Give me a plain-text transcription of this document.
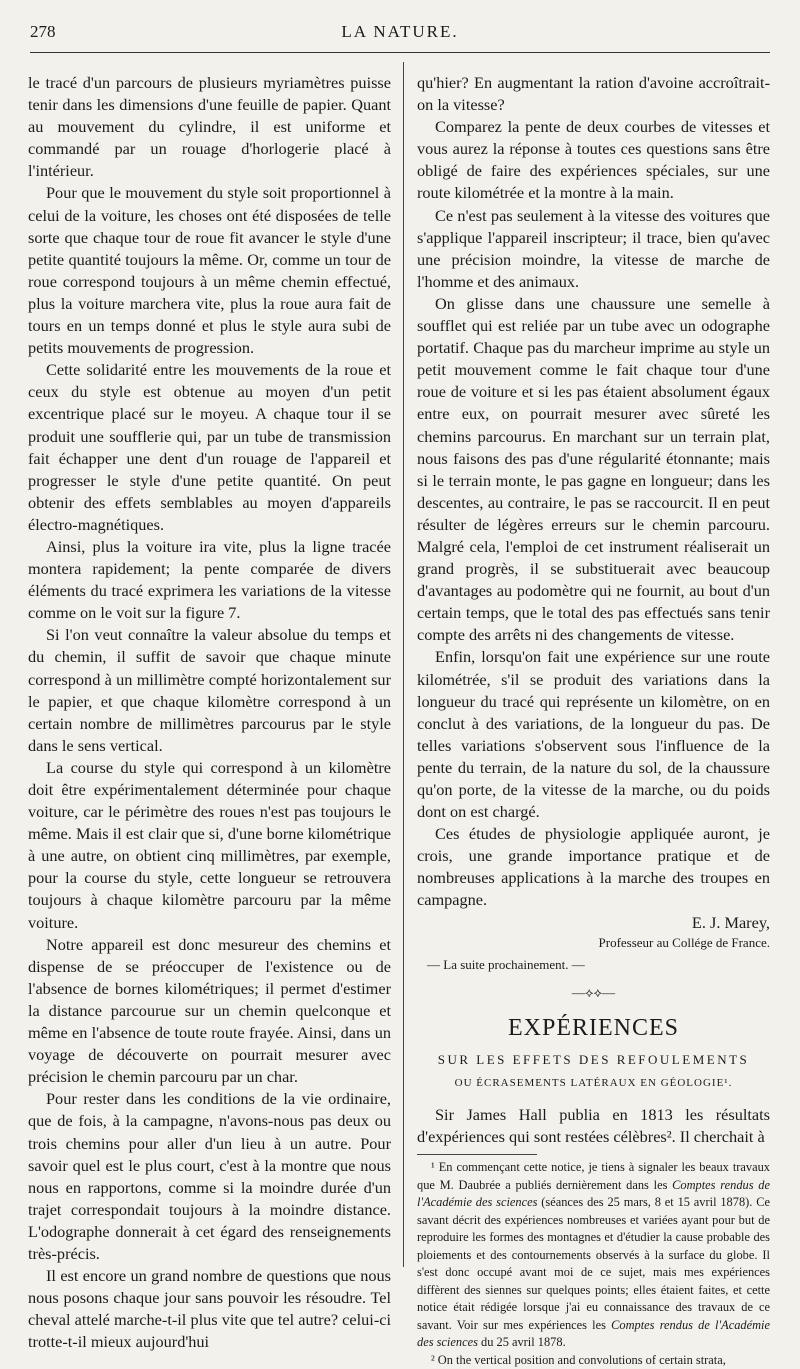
278	LA NATURE.

le tracé d'un parcours de plusieurs myriamètres puisse tenir dans les dimensions d'une feuille de papier. Quant au mouvement du cylindre, il est uniforme et commandé par un rouage d'horlogerie placé à l'intérieur.

Pour que le mouvement du style soit proportionnel à celui de la voiture, les choses ont été disposées de telle sorte que chaque tour de roue fit avancer le style d'une petite quantité toujours la même. Or, comme un tour de roue correspond toujours à un même chemin effectué, plus la voiture marchera vite, plus la roue aura fait de tours en un temps donné et plus le style aura subi de petits mouvements de progression.

Cette solidarité entre les mouvements de la roue et ceux du style est obtenue au moyen d'un petit excentrique placé sur le moyeu. A chaque tour il se produit une soufflerie qui, par un tube de transmission fait échapper une dent d'un rouage de l'appareil et progresser le style d'une petite quantité. On peut obtenir des effets semblables au moyen d'appareils électro-magnétiques.

Ainsi, plus la voiture ira vite, plus la ligne tracée montera rapidement; la pente comparée de divers éléments du tracé exprimera les variations de la vitesse comme on le voit sur la figure 7.

Si l'on veut connaître la valeur absolue du temps et du chemin, il suffit de savoir que chaque minute correspond à un millimètre compté horizontalement sur le papier, et que chaque kilomètre correspond à un certain nombre de millimètres parcourus par le style dans le sens vertical.

La course du style qui correspond à un kilomètre doit être expérimentalement déterminée pour chaque voiture, car le périmètre des roues n'est pas toujours le même. Mais il est clair que si, d'une borne kilométrique à une autre, on obtient cinq millimètres, par exemple, pour la course du style, cette longueur se retrouvera toujours à chaque kilomètre parcouru par la même voiture.

Notre appareil est donc mesureur des chemins et dispense de se préoccuper de l'existence ou de l'absence de bornes kilométriques; il permet d'estimer la distance parcourue sur un chemin quelconque et même en l'absence de toute route frayée. Ainsi, dans un voyage de découverte on pourrait mesurer avec précision le chemin parcouru par un char.

Pour rester dans les conditions de la vie ordinaire, que de fois, à la campagne, n'avons-nous pas deux ou trois chemins pour aller d'un lieu à un autre. Pour savoir quel est le plus court, c'est à la montre que nous nous en rapportons, comme si la moindre durée d'un trajet correspondait toujours à la moindre distance. L'odographe donnerait à cet égard des renseignements très-précis.

Il est encore un grand nombre de questions que nous nous posons chaque jour sans pouvoir les résoudre. Tel cheval attelé marche-t-il plus vite que tel autre? celui-ci trotte-t-il mieux aujourd'hui

qu'hier? En augmentant la ration d'avoine accroîtrait-on la vitesse?

Comparez la pente de deux courbes de vitesses et vous aurez la réponse à toutes ces questions sans être obligé de faire des expériences spéciales, sur une route kilométrée et la montre à la main.

Ce n'est pas seulement à la vitesse des voitures que s'applique l'appareil inscripteur; il trace, bien qu'avec une précision moindre, la vitesse de marche de l'homme et des animaux.

On glisse dans une chaussure une semelle à soufflet qui est reliée par un tube avec un odographe portatif. Chaque pas du marcheur imprime au style un petit mouvement comme le fait chaque tour d'une roue de voiture et si les pas étaient absolument égaux entre eux, on pourrait mesurer avec sûreté les chemins parcourus. En marchant sur un terrain plat, nous faisons des pas d'une régularité étonnante; mais si le terrain monte, le pas gagne en longueur; dans les descentes, au contraire, le pas se raccourcit. Il en peut résulter de légères erreurs sur le chemin parcouru. Malgré cela, l'emploi de cet instrument réaliserait un grand progrès, il se substituerait avec beaucoup d'avantages au podomètre qui ne fournit, au bout d'un certain temps, que le total des pas effectués sans tenir compte des arrêts ni des changements de vitesse.

Enfin, lorsqu'on fait une expérience sur une route kilométrée, s'il se produit des variations dans la longueur du tracé qui représente un kilomètre, on en conclut à des variations, de la longueur du pas. De telles variations s'observent sous l'influence de la pente du terrain, de la nature du sol, de la chaussure qu'on porte, de la vitesse de la marche, ou du poids dont on est chargé.

Ces études de physiologie appliquée auront, je crois, une grande importance pratique et de nombreuses applications à la marche des troupes en campagne.

E. J. Marey,

Professeur au Collége de France.

— La suite prochainement. —

—⟡⟡—

EXPÉRIENCES

SUR LES EFFETS DES REFOULEMENTS

OU ÉCRASEMENTS LATÉRAUX EN GÉOLOGIE¹.

Sir James Hall publia en 1813 les résultats d'expériences qui sont restées célèbres². Il cherchait à

¹ En commençant cette notice, je tiens à signaler les beaux travaux que M. Daubrée a publiés dernièrement dans les Comptes rendus de l'Académie des sciences (séances des 25 mars, 8 et 15 avril 1878). Ce savant décrit des expériences nombreuses et variées ayant pour but de reproduire les formes des montagnes et d'étudier la cause probable des ploiements et des contournements observés à la surface du globe. Il s'est donc occupé avant moi de ce sujet, mais mes expériences diffèrent des siennes sur quelques points; elles étaient faites, et cette notice était rédigée lorsque j'ai eu connaissance des travaux de ce savant. Voir sur mes expériences les Comptes rendus de l'Académie des sciences du 25 avril 1878.

² On the vertical position and convolutions of certain strata,
